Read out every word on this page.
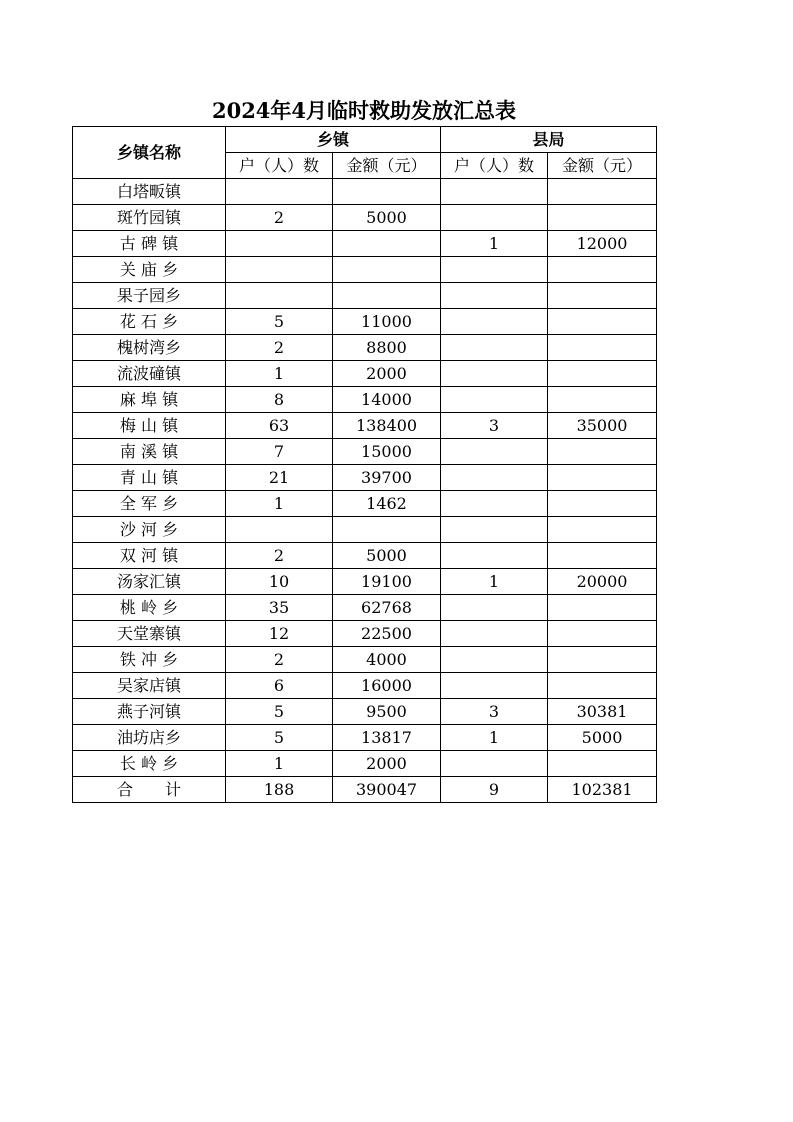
2024年4月临时救助发放汇总表
乡镇名称	乡镇		县局	
	户（人）数	金额（元）	户（人）数	金额（元）
白塔畈镇				
斑竹园镇	2	5000		
古 碑 镇			1	12000
关 庙 乡				
果子园乡				
花 石 乡	5	11000		
槐树湾乡	2	8800		
流波䃥镇	1	2000		
麻 埠 镇	8	14000		
梅 山 镇	63	138400	3	35000
南 溪 镇	7	15000		
青 山 镇	21	39700		
全 军 乡	1	1462		
沙 河 乡				
双 河 镇	2	5000		
汤家汇镇	10	19100	1	20000
桃 岭 乡	35	62768		
天堂寨镇	12	22500		
铁 冲 乡	2	4000		
吴家店镇	6	16000		
燕子河镇	5	9500	3	30381
油坊店乡	5	13817	1	5000
长 岭 乡	1	2000		
合　　计	188	390047	9	102381
